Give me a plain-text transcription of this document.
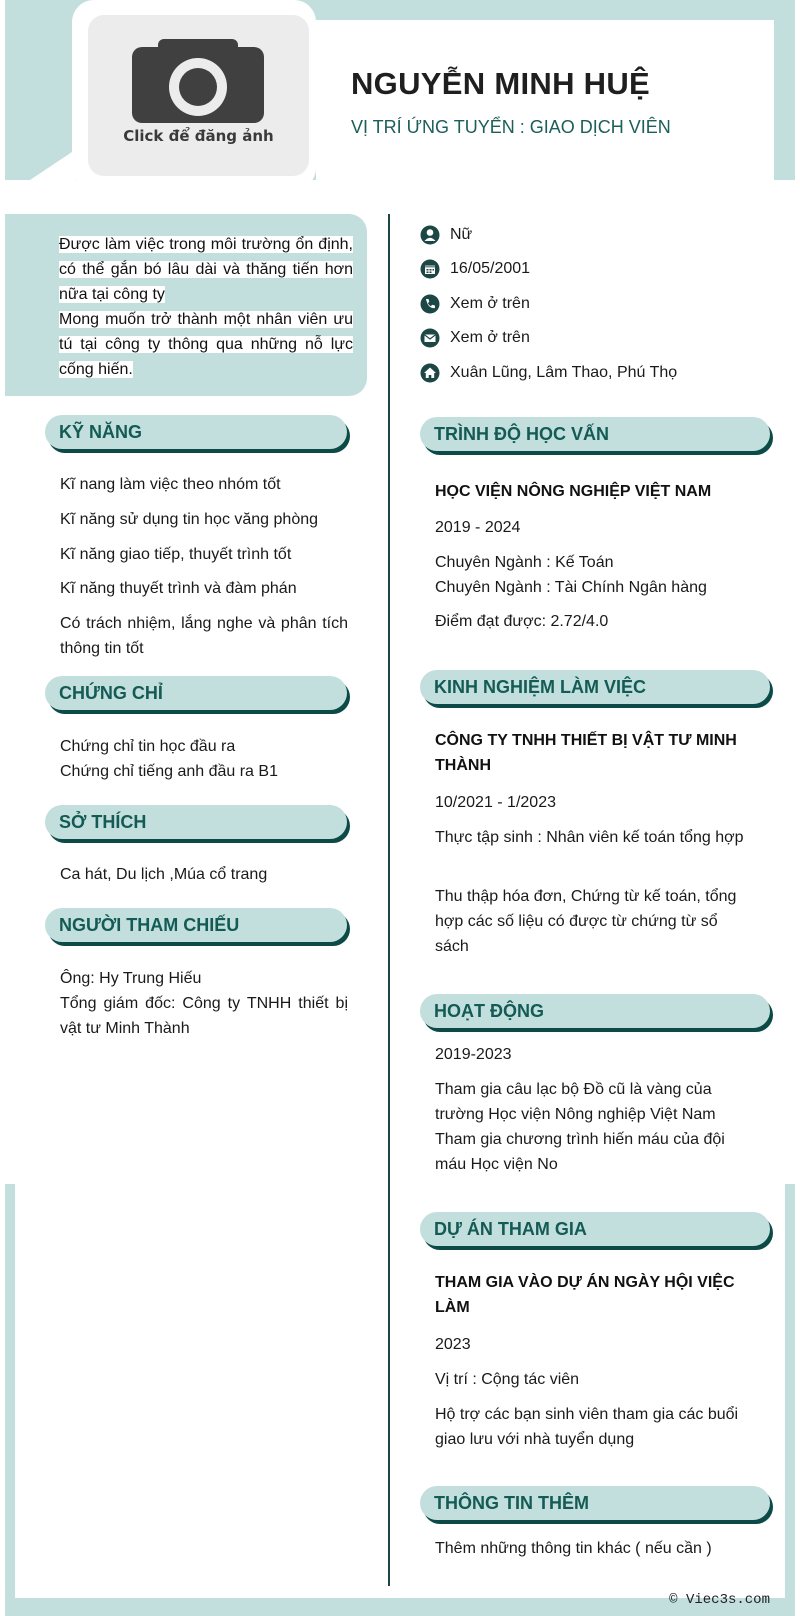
Click để đăng ảnh
NGUYỄN MINH HUỆ
VỊ TRÍ ỨNG TUYỂN : GIAO DỊCH VIÊN
Được làm việc trong môi trường ổn định, có thể gắn bó lâu dài và thăng tiến hơn nữa tại công ty
Mong muốn trở thành một nhân viên ưu tú tại công ty thông qua những nỗ lực cống hiến.
Nữ
16/05/2001
Xem ở trên
Xem ở trên
Xuân Lũng, Lâm Thao, Phú Thọ
KỸ NĂNG
Kĩ nang làm việc theo nhóm tốt
Kĩ năng sử dụng tin học văng phòng
Kĩ năng giao tiếp, thuyết trình tốt
Kĩ năng thuyết trình và đàm phán
Có trách nhiệm, lắng nghe và phân tích thông tin tốt
CHỨNG CHỈ
Chứng chỉ tin học đầu ra
Chứng chỉ tiếng anh đầu ra B1
SỞ THÍCH
Ca hát, Du lịch ,Múa cổ trang
NGƯỜI THAM CHIẾU
Ông: Hy Trung Hiếu
Tổng giám đốc: Công ty TNHH thiết bị vật tư Minh Thành
TRÌNH ĐỘ HỌC VẤN
HỌC VIỆN NÔNG NGHIỆP VIỆT NAM
2019 - 2024
Chuyên Ngành : Kế Toán
Chuyên Ngành : Tài Chính Ngân hàng
Điểm đạt được: 2.72/4.0
KINH NGHIỆM LÀM VIỆC
CÔNG TY TNHH THIẾT BỊ VẬT TƯ MINH THÀNH
10/2021 - 1/2023
Thực tập sinh : Nhân viên kế toán tổng hợp
Thu thập hóa đơn, Chứng từ kế toán, tổng hợp các số liệu có được từ chứng từ sổ sách
HOẠT ĐỘNG
2019-2023
Tham gia câu lạc bộ Đồ cũ là vàng của trường Học viện Nông nghiệp Việt Nam
Tham gia chương trình hiến máu của đội máu Học viện No
DỰ ÁN THAM GIA
THAM GIA VÀO DỰ ÁN NGÀY HỘI VIỆC LÀM
2023
Vị trí : Cộng tác viên
Hộ trợ các bạn sinh viên tham gia các buổi giao lưu với nhà tuyển dụng
THÔNG TIN THÊM
Thêm những thông tin khác ( nếu cần )
© Viec3s.com
